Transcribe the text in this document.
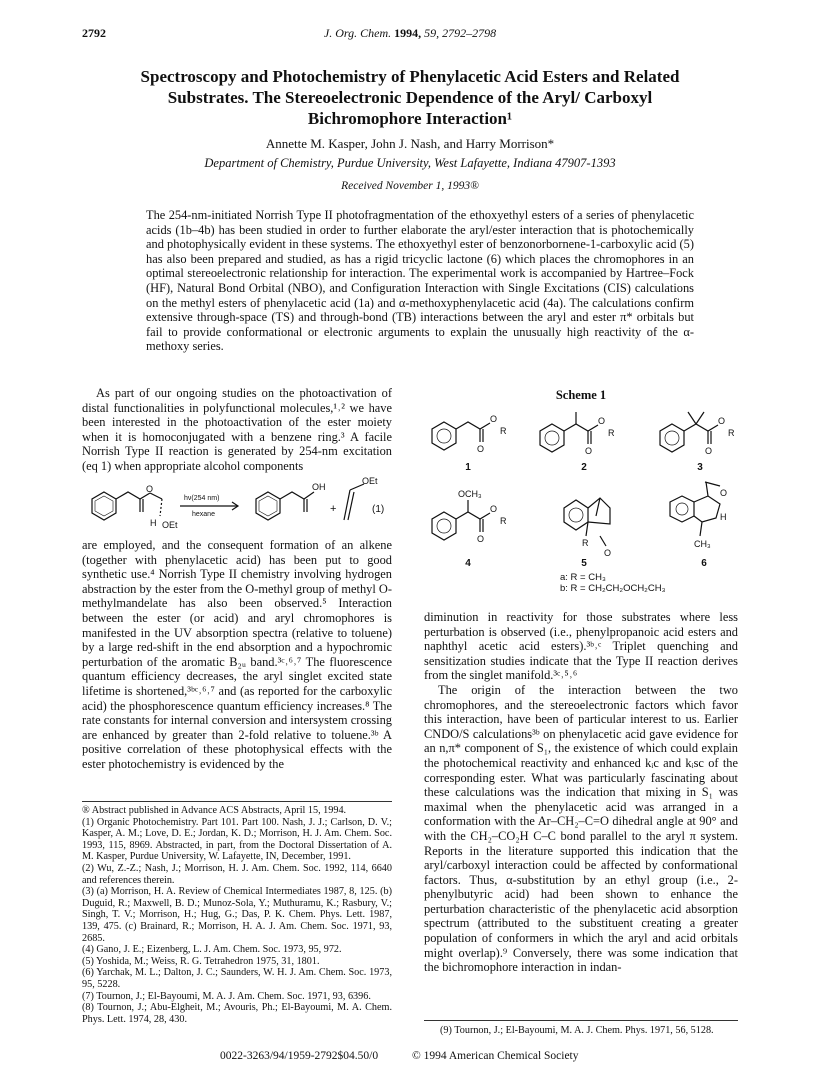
2792	J. Org. Chem. 1994, 59, 2792–2798
Spectroscopy and Photochemistry of Phenylacetic Acid Esters and Related Substrates. The Stereoelectronic Dependence of the Aryl/ Carboxyl Bichromophore Interaction¹
Annette M. Kasper, John J. Nash, and Harry Morrison*
Department of Chemistry, Purdue University, West Lafayette, Indiana 47907-1393
Received November 1, 1993®
The 254-nm-initiated Norrish Type II photofragmentation of the ethoxyethyl esters of a series of phenylacetic acids (1b–4b) has been studied in order to further elaborate the aryl/ester interaction that is photochemically and photophysically evident in these systems. The ethoxyethyl ester of benzonorbornene-1-carboxylic acid (5) has also been prepared and studied, as has a rigid tricyclic lactone (6) which places the chromophores in an optimal stereoelectronic relationship for interaction. The experimental work is accompanied by Hartree–Fock (HF), Natural Bond Orbital (NBO), and Configuration Interaction with Single Excitations (CIS) calculations on the methyl esters of phenylacetic acid (1a) and α-methoxyphenylacetic acid (4a). The calculations confirm extensive through-space (TS) and through-bond (TB) interactions between the aryl and ester π* orbitals but fail to provide conformational or electronic arguments to explain the unusually high reactivity of the α-methoxy series.

As part of our ongoing studies on the photoactivation of distal functionalities in polyfunctional molecules,¹˒² we have been interested in the photoactivation of the ester moiety when it is homoconjugated with a benzene ring.³ A facile Norrish Type II reaction is generated by 254-nm excitation (eq 1) when appropriate alcohol components

O
H OEt
OH
OEt
hν(254 nm)
hexane	+	(1)

are employed, and the consequent formation of an alkene (together with phenylacetic acid) has been put to good synthetic use.⁴ Norrish Type II chemistry involving hydrogen abstraction by the ester from the O-methyl group of methyl O-methylmandelate has also been observed.⁵ Interaction between the ester (or acid) and aryl chromophores is manifested in the UV absorption spectra (relative to toluene) by a large red-shift in the end absorption and a hypochromic perturbation of the aromatic B₂ᵤ band.³ᶜ˒⁶˒⁷ The fluorescence quantum efficiency decreases, the aryl singlet excited state lifetime is shortened,³ᵇᶜ˒⁶˒⁷ and (as reported for the carboxylic acid) the phosphorescence quantum efficiency increases.⁸ The rate constants for internal conversion and intersystem crossing are enhanced by greater than 2-fold relative to toluene.³ᵇ A positive correlation of these photophysical effects with the ester photochemistry is evidenced by the

® Abstract published in Advance ACS Abstracts, April 15, 1994.
(1) Organic Photochemistry. Part 101. Part 100. Nash, J. J.; Carlson, D. V.; Kasper, A. M.; Love, D. E.; Jordan, K. D.; Morrison, H. J. Am. Chem. Soc. 1993, 115, 8969. Abstracted, in part, from the Doctoral Dissertation of A. M. Kasper, Purdue University, W. Lafayette, IN, December, 1991.
(2) Wu, Z.-Z.; Nash, J.; Morrison, H. J. Am. Chem. Soc. 1992, 114, 6640 and references therein.
(3) (a) Morrison, H. A. Review of Chemical Intermediates 1987, 8, 125. (b) Duguid, R.; Maxwell, B. D.; Munoz-Sola, Y.; Muthuramu, K.; Rasbury, V.; Singh, T. V.; Morrison, H.; Hug, G.; Das, P. K. Chem. Phys. Lett. 1987, 139, 475. (c) Brainard, R.; Morrison, H. A. J. Am. Chem. Soc. 1971, 93, 2685.
(4) Gano, J. E.; Eizenberg, L. J. Am. Chem. Soc. 1973, 95, 972.
(5) Yoshida, M.; Weiss, R. G. Tetrahedron 1975, 31, 1801.
(6) Yarchak, M. L.; Dalton, J. C.; Saunders, W. H. J. Am. Chem. Soc. 1973, 95, 5228.
(7) Tournon, J.; El-Bayoumi, M. A. J. Am. Chem. Soc. 1971, 93, 6396.
(8) Tournon, J.; Abu-Elgheit, M.; Avouris, Ph.; El-Bayoumi, M. A. Chem. Phys. Lett. 1974, 28, 430.
Scheme 1
O
R
O
O
R
O
O
R
O
OCH₃
O
R
O	R
O
O
H
CH₃
1	2	3
4	5	6
a: R = CH₃
b: R = CH₂CH₂OCH₂CH₃

diminution in reactivity for those substrates where less perturbation is observed (i.e., phenylpropanoic acid esters and naphthyl acetic acid esters).³ᵇ˒ᶜ Triplet quenching and sensitization studies indicate that the Type II reaction derives from the singlet manifold.³ᶜ˒⁵˒⁶

The origin of the interaction between the two chromophores, and the stereoelectronic factors which favor this interaction, have been of particular interest to us. Earlier CNDO/S calculations³ᵇ on phenylacetic acid gave evidence for an n,π* component of S₁, the existence of which could explain the photochemical reactivity and enhanced kᵢc and kᵢsc of the corresponding ester. What was particularly fascinating about these calculations was the indication that mixing in S₁ was maximal when the phenylacetic acid was arranged in a conformation with the Ar–CH₂–C=O dihedral angle at 90° and with the CH₂–CO₂H C–C bond parallel to the aryl π system. Reports in the literature supported this indication that the aryl/carboxyl interaction could be affected by conformational factors. Thus, α-substitution by an ethyl group (i.e., 2-phenylbutyric acid) had been shown to enhance the perturbation characteristic of the phenylacetic acid absorption spectrum (attributed to the substituent creating a greater population of conformers in which the aryl and acid orbitals might overlap).⁹ Conversely, there was some indication that the bichromophore interaction in indan-

(9) Tournon, J.; El-Bayoumi, M. A. J. Chem. Phys. 1971, 56, 5128.
0022-3263/94/1959-2792$04.50/0	© 1994 American Chemical Society
